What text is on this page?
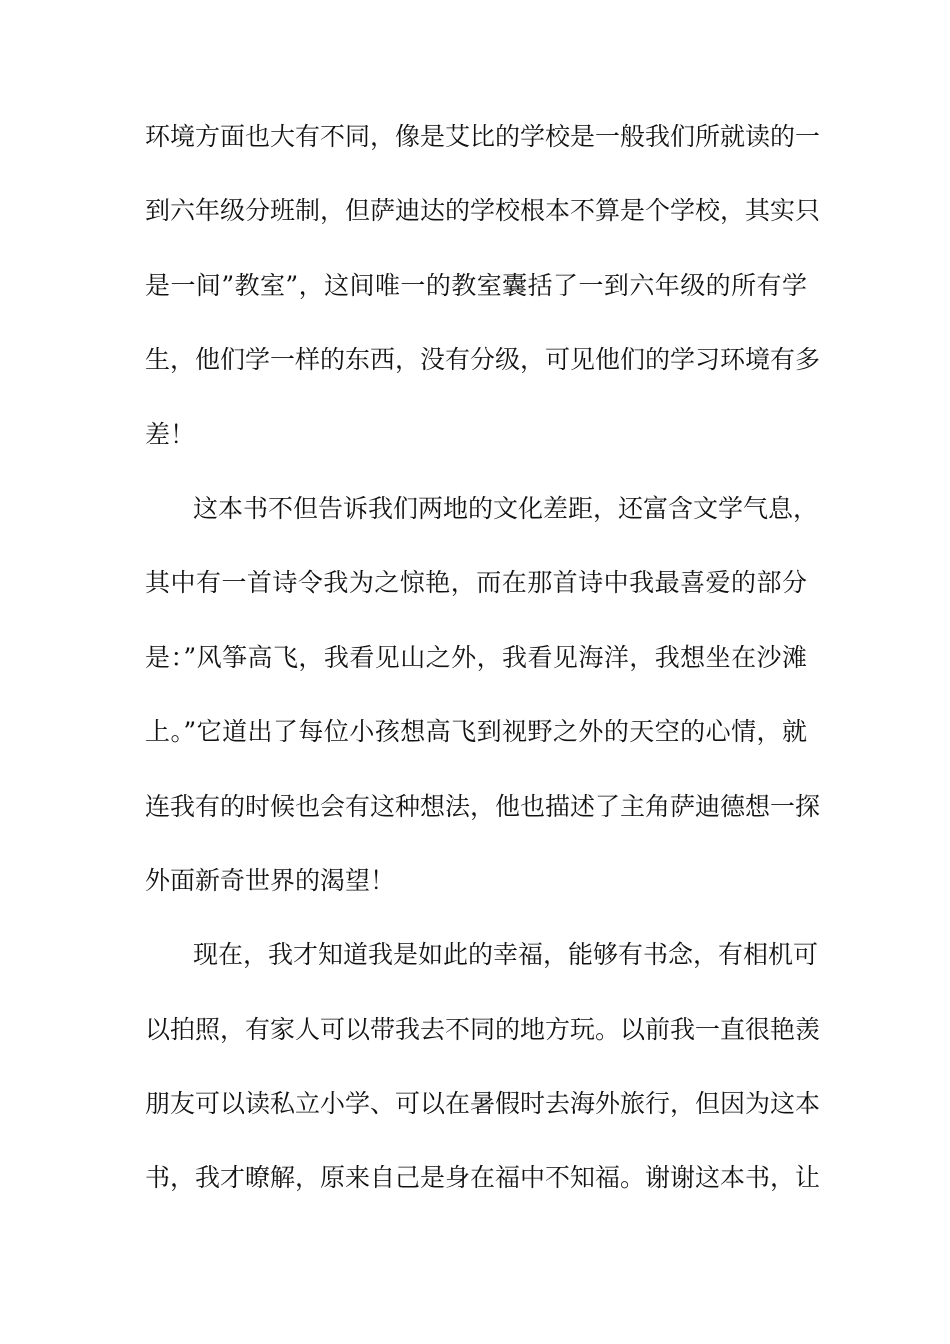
环境方面也大有不同，像是艾比的学校是一般我们所就读的一
到六年级分班制，但萨迪达的学校根本不算是个学校，其实只
是一间”教室”，这间唯一的教室囊括了一到六年级的所有学
生，他们学一样的东西，没有分级，可见他们的学习环境有多
差！
这本书不但告诉我们两地的文化差距，还富含文学气息，
其中有一首诗令我为之惊艳，而在那首诗中我最喜爱的部分
是：”风筝高飞，我看见山之外，我看见海洋，我想坐在沙滩
上。”它道出了每位小孩想高飞到视野之外的天空的心情，就
连我有的时候也会有这种想法，他也描述了主角萨迪德想一探
外面新奇世界的渴望！
现在，我才知道我是如此的幸福，能够有书念，有相机可
以拍照，有家人可以带我去不同的地方玩。以前我一直很艳羡
朋友可以读私立小学、可以在暑假时去海外旅行，但因为这本
书，我才暸解，原来自己是身在福中不知福。谢谢这本书，让
